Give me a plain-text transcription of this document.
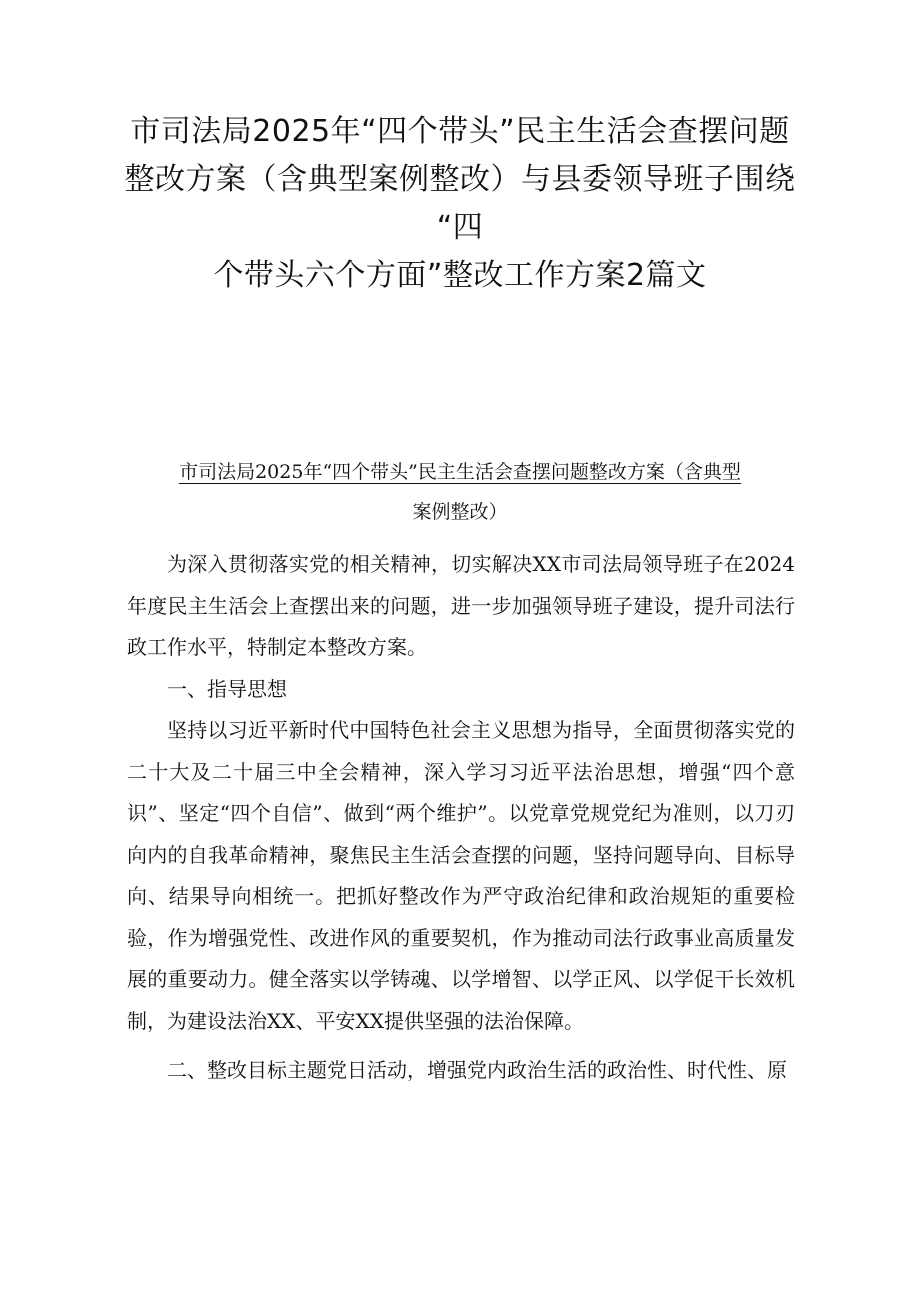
市司法局2025年“四个带头”民主生活会查摆问题
整改方案（含典型案例整改）与县委领导班子围绕
“四
个带头六个方面”整改工作方案2篇文
市司法局2025年“四个带头”民主生活会查摆问题整改方案（含典型
案例整改）

为深入贯彻落实党的相关精神，切实解决XX市司法局领导班子在2024年度民主生活会上查摆出来的问题，进一步加强领导班子建设，提升司法行政工作水平，特制定本整改方案。

一、指导思想

坚持以习近平新时代中国特色社会主义思想为指导，全面贯彻落实党的二十大及二十届三中全会精神，深入学习习近平法治思想，增强“四个意识”、坚定“四个自信”、做到“两个维护”。以党章党规党纪为准则，以刀刃向内的自我革命精神，聚焦民主生活会查摆的问题，坚持问题导向、目标导向、结果导向相统一。把抓好整改作为严守政治纪律和政治规矩的重要检验，作为增强党性、改进作风的重要契机，作为推动司法行政事业高质量发展的重要动力。健全落实以学铸魂、以学增智、以学正风、以学促干长效机制，为建设法治XX、平安XX提供坚强的法治保障。

二、整改目标主题党日活动，增强党内政治生活的政治性、时代性、原
